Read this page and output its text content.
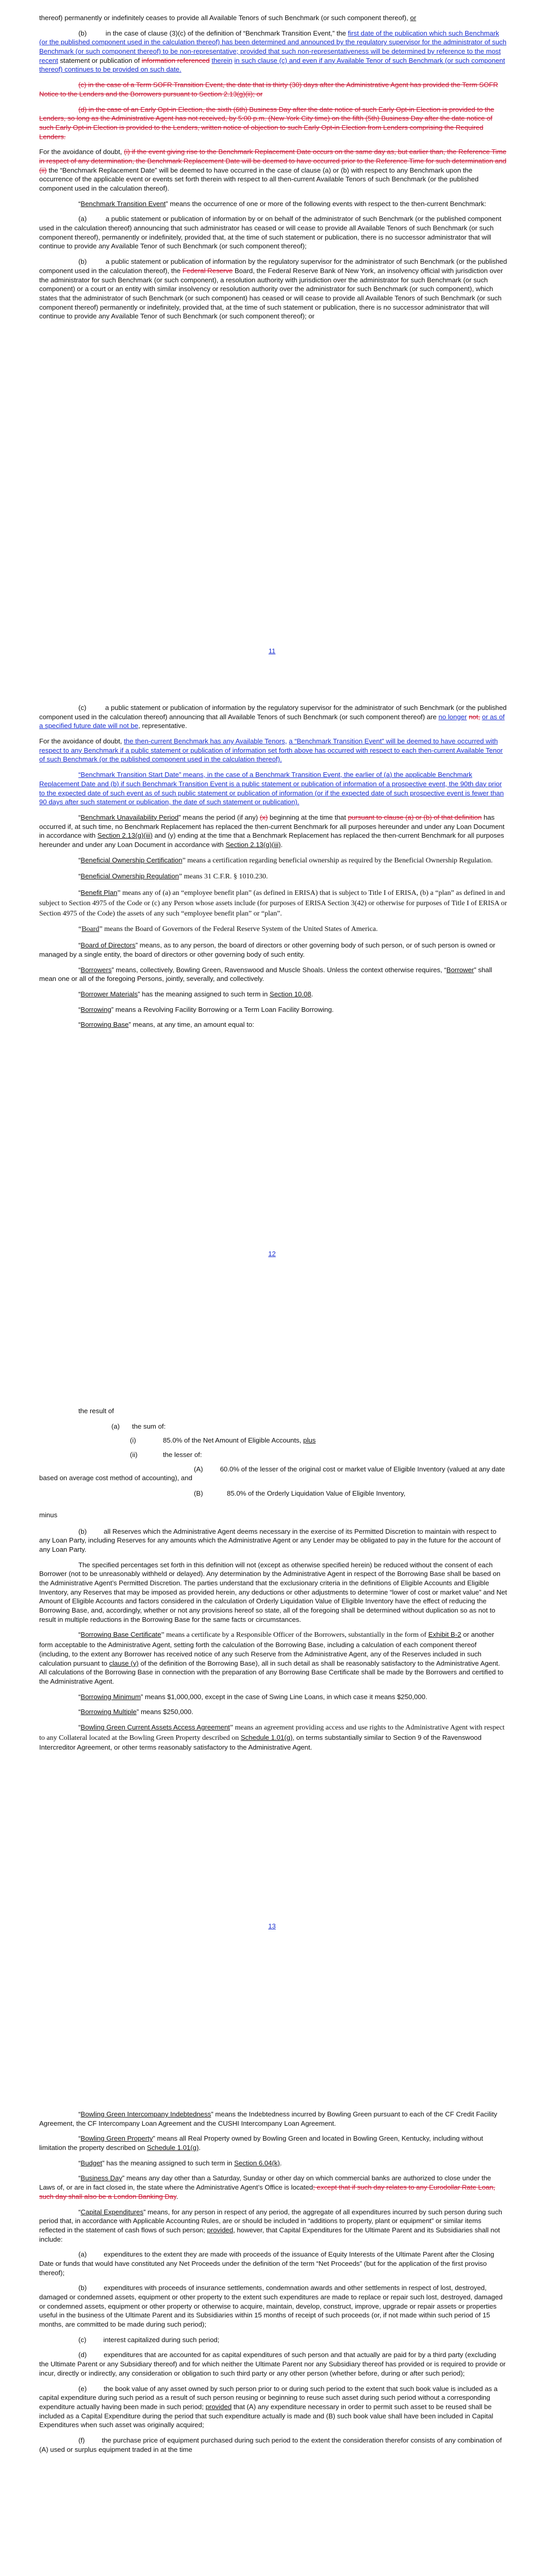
thereof) permanently or indefinitely ceases to provide all Available Tenors of such Benchmark (or such component thereof), or

(b)	in the case of clause (3)(c) of the definition of “Benchmark Transition Event,” the first date of the publication which such Benchmark (or the published component used in the calculation thereof) has been determined and announced by the regulatory supervisor for the administrator of such Benchmark (or such component thereof) to be non-representative; provided that such non-representativeness will be determined by reference to the most recent statement or publication of information referenced therein in such clause (c) and even if any Available Tenor of such Benchmark (or such component thereof) continues to be provided on such date.

(c) in the case of a Term SOFR Transition Event, the date that is thirty (30) days after the Administrative Agent has provided the Term SOFR Notice to the Lenders and the Borrowers pursuant to Section 2.13(g)(ii); or

(d) in the case of an Early Opt-in Election, the sixth (6th) Business Day after the date notice of such Early Opt-in Election is provided to the Lenders, so long as the Administrative Agent has not received, by 5:00 p.m. (New York City time) on the fifth (5th) Business Day after the date notice of such Early Opt-in Election is provided to the Lenders, written notice of objection to such Early Opt-in Election from Lenders comprising the Required Lenders.

For the avoidance of doubt, (i) if the event giving rise to the Benchmark Replacement Date occurs on the same day as, but earlier than, the Reference Time in respect of any determination, the Benchmark Replacement Date will be deemed to have occurred prior to the Reference Time for such determination and (ii) the “Benchmark Replacement Date” will be deemed to have occurred in the case of clause (a) or (b) with respect to any Benchmark upon the occurrence of the applicable event or events set forth therein with respect to all then-current Available Tenors of such Benchmark (or the published component used in the calculation thereof).

“Benchmark Transition Event” means the occurrence of one or more of the following events with respect to the then-current Benchmark:

(a)	a public statement or publication of information by or on behalf of the administrator of such Benchmark (or the published component used in the calculation thereof) announcing that such administrator has ceased or will cease to provide all Available Tenors of such Benchmark (or such component thereof), permanently or indefinitely, provided that, at the time of such statement or publication, there is no successor administrator that will continue to provide any Available Tenor of such Benchmark (or such component thereof);

(b)	a public statement or publication of information by the regulatory supervisor for the administrator of such Benchmark (or the published component used in the calculation thereof), the Federal Reserve Board, the Federal Reserve Bank of New York, an insolvency official with jurisdiction over the administrator for such Benchmark (or such component), a resolution authority with jurisdiction over the administrator for such Benchmark (or such component) or a court or an entity with similar insolvency or resolution authority over the administrator for such Benchmark (or such component), which states that the administrator of such Benchmark (or such component) has ceased or will cease to provide all Available Tenors of such Benchmark (or such component thereof) permanently or indefinitely, provided that, at the time of such statement or publication, there is no successor administrator that will continue to provide any Available Tenor of such Benchmark (or such component thereof); or

11

(c)	a public statement or publication of information by the regulatory supervisor for the administrator of such Benchmark (or the published component used in the calculation thereof) announcing that all Available Tenors of such Benchmark (or such component thereof) are no longer not, or as of a specified future date will not be, representative.

For the avoidance of doubt, the then-current Benchmark has any Available Tenors, a “Benchmark Transition Event” will be deemed to have occurred with respect to any Benchmark if a public statement or publication of information set forth above has occurred with respect to each then-current Available Tenor of such Benchmark (or the published component used in the calculation thereof).

“Benchmark Transition Start Date” means, in the case of a Benchmark Transition Event, the earlier of (a) the applicable Benchmark Replacement Date and (b) if such Benchmark Transition Event is a public statement or publication of information of a prospective event, the 90th day prior to the expected date of such event as of such public statement or publication of information (or if the expected date of such prospective event is fewer than 90 days after such statement or publication, the date of such statement or publication).

“Benchmark Unavailability Period” means the period (if any) (x) beginning at the time that pursuant to clause (a) or (b) of that definition has occurred if, at such time, no Benchmark Replacement has replaced the then-current Benchmark for all purposes hereunder and under any Loan Document in accordance with Section 2.13(g)(iii) and (y) ending at the time that a Benchmark Replacement has replaced the then-current Benchmark for all purposes hereunder and under any Loan Document in accordance with Section 2.13(g)(iii).

“Beneficial Ownership Certification” means a certification regarding beneficial ownership as required by the Beneficial Ownership Regulation.

“Beneficial Ownership Regulation” means 31 C.F.R. § 1010.230.

“Benefit Plan” means any of (a) an “employee benefit plan” (as defined in ERISA) that is subject to Title I of ERISA, (b) a “plan” as defined in and subject to Section 4975 of the Code or (c) any Person whose assets include (for purposes of ERISA Section 3(42) or otherwise for purposes of Title I of ERISA or Section 4975 of the Code) the assets of any such “employee benefit plan” or “plan”.

“Board” means the Board of Governors of the Federal Reserve System of the United States of America.

“Board of Directors” means, as to any person, the board of directors or other governing body of such person, or of such person is owned or managed by a single entity, the board of directors or other governing body of such entity.

“Borrowers” means, collectively, Bowling Green, Ravenswood and Muscle Shoals. Unless the context otherwise requires, “Borrower” shall mean one or all of the foregoing Persons, jointly, severally, and collectively.

“Borrower Materials” has the meaning assigned to such term in Section 10.08.

“Borrowing” means a Revolving Facility Borrowing or a Term Loan Facility Borrowing.

“Borrowing Base” means, at any time, an amount equal to:

12

the result of

(a)	the sum of:
(i)	85.0% of the Net Amount of Eligible Accounts, plus
(ii)	the lesser of:

(A) 60.0% of the lesser of the original cost or market value of Eligible Inventory (valued at any date based on average cost method of accounting), and

(B)	85.0% of the Orderly Liquidation Value of Eligible Inventory,

minus

(b) all Reserves which the Administrative Agent deems necessary in the exercise of its Permitted Discretion to maintain with respect to any Loan Party, including Reserves for any amounts which the Administrative Agent or any Lender may be obligated to pay in the future for the account of any Loan Party.

The specified percentages set forth in this definition will not (except as otherwise specified herein) be reduced without the consent of each Borrower (not to be unreasonably withheld or delayed). Any determination by the Administrative Agent in respect of the Borrowing Base shall be based on the Administrative Agent’s Permitted Discretion. The parties understand that the exclusionary criteria in the definitions of Eligible Accounts and Eligible Inventory, any Reserves that may be imposed as provided herein, any deductions or other adjustments to determine “lower of cost or market value” and Net Amount of Eligible Accounts and factors considered in the calculation of Orderly Liquidation Value of Eligible Inventory have the effect of reducing the Borrowing Base, and, accordingly, whether or not any provisions hereof so state, all of the foregoing shall be determined without duplication so as not to result in multiple reductions in the Borrowing Base for the same facts or circumstances.

“Borrowing Base Certificate” means a certificate by a Responsible Officer of the Borrowers, substantially in the form of Exhibit B-2 or another form acceptable to the Administrative Agent, setting forth the calculation of the Borrowing Base, including a calculation of each component thereof (including, to the extent any Borrower has received notice of any such Reserve from the Administrative Agent, any of the Reserves included in such calculation pursuant to clause (y) of the definition of the Borrowing Base), all in such detail as shall be reasonably satisfactory to the Administrative Agent. All calculations of the Borrowing Base in connection with the preparation of any Borrowing Base Certificate shall be made by the Borrowers and certified to the Administrative Agent.

“Borrowing Minimum” means $1,000,000, except in the case of Swing Line Loans, in which case it means $250,000.

“Borrowing Multiple” means $250,000.

“Bowling Green Current Assets Access Agreement” means an agreement providing access and use rights to the Administrative Agent with respect to any Collateral located at the Bowling Green Property described on Schedule 1.01(g), on terms substantially similar to Section 9 of the Ravenswood Intercreditor Agreement, or other terms reasonably satisfactory to the Administrative Agent.

13

“Bowling Green Intercompany Indebtedness” means the Indebtedness incurred by Bowling Green pursuant to each of the CF Credit Facility Agreement, the CF Intercompany Loan Agreement and the CUSHI Intercompany Loan Agreement.

“Bowling Green Property” means all Real Property owned by Bowling Green and located in Bowling Green, Kentucky, including without limitation the property described on Schedule 1.01(g).

“Budget” has the meaning assigned to such term in Section 6.04(k).

“Business Day” means any day other than a Saturday, Sunday or other day on which commercial banks are authorized to close under the Laws of, or are in fact closed in, the state where the Administrative Agent’s Office is located; except that if such day relates to any Eurodollar Rate Loan, such day shall also be a London Banking Day.

“Capital Expenditures” means, for any person in respect of any period, the aggregate of all expenditures incurred by such person during such period that, in accordance with Applicable Accounting Rules, are or should be included in “additions to property, plant or equipment” or similar items reflected in the statement of cash flows of such person; provided, however, that Capital Expenditures for the Ultimate Parent and its Subsidiaries shall not include:

(a) expenditures to the extent they are made with proceeds of the issuance of Equity Interests of the Ultimate Parent after the Closing Date or funds that would have constituted any Net Proceeds under the definition of the term “Net Proceeds” (but for the application of the first proviso thereof);

(b) expenditures with proceeds of insurance settlements, condemnation awards and other settlements in respect of lost, destroyed, damaged or condemned assets, equipment or other property to the extent such expenditures are made to replace or repair such lost, destroyed, damaged or condemned assets, equipment or other property or otherwise to acquire, maintain, develop, construct, improve, upgrade or repair assets or properties useful in the business of the Ultimate Parent and its Subsidiaries within 15 months of receipt of such proceeds (or, if not made within such period of 15 months, are committed to be made during such period);

(c) interest capitalized during such period;

(d) expenditures that are accounted for as capital expenditures of such person and that actually are paid for by a third party (excluding the Ultimate Parent or any Subsidiary thereof) and for which neither the Ultimate Parent nor any Subsidiary thereof has provided or is required to provide or incur, directly or indirectly, any consideration or obligation to such third party or any other person (whether before, during or after such period);

(e) the book value of any asset owned by such person prior to or during such period to the extent that such book value is included as a capital expenditure during such period as a result of such person reusing or beginning to reuse such asset during such period without a corresponding expenditure actually having been made in such period; provided that (A) any expenditure necessary in order to permit such asset to be reused shall be included as a Capital Expenditure during the period that such expenditure actually is made and (B) such book value shall have been included in Capital Expenditures when such asset was originally acquired;

(f) the purchase price of equipment purchased during such period to the extent the consideration therefor consists of any combination of (A) used or surplus equipment traded in at the time
